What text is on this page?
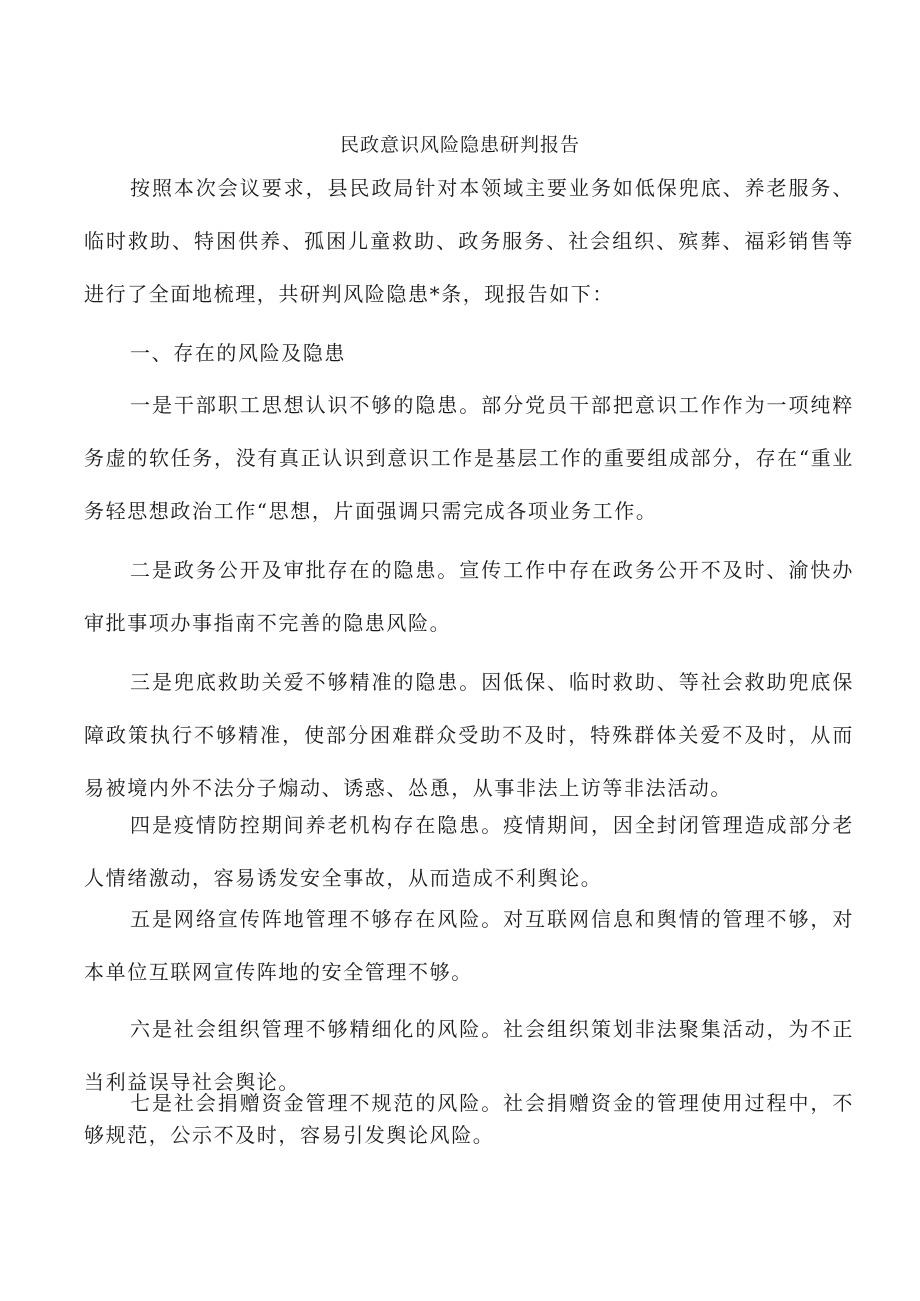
民政意识风险隐患研判报告

按照本次会议要求，县民政局针对本领域主要业务如低保兜底、养老服务、临时救助、特困供养、孤困儿童救助、政务服务、社会组织、殡葬、福彩销售等进行了全面地梳理，共研判风险隐患*条，现报告如下：

一、存在的风险及隐患

一是干部职工思想认识不够的隐患。部分党员干部把意识工作作为一项纯粹务虚的软任务，没有真正认识到意识工作是基层工作的重要组成部分，存在“重业务轻思想政治工作“思想，片面强调只需完成各项业务工作。

二是政务公开及审批存在的隐患。宣传工作中存在政务公开不及时、渝快办审批事项办事指南不完善的隐患风险。

三是兜底救助关爱不够精准的隐患。因低保、临时救助、等社会救助兜底保障政策执行不够精准，使部分困难群众受助不及时，特殊群体关爱不及时，从而易被境内外不法分子煽动、诱惑、怂恿，从事非法上访等非法活动。

四是疫情防控期间养老机构存在隐患。疫情期间，因全封闭管理造成部分老人情绪激动，容易诱发安全事故，从而造成不利舆论。

五是网络宣传阵地管理不够存在风险。对互联网信息和舆情的管理不够，对本单位互联网宣传阵地的安全管理不够。

六是社会组织管理不够精细化的风险。社会组织策划非法聚集活动，为不正当利益误导社会舆论。

七是社会捐赠资金管理不规范的风险。社会捐赠资金的管理使用过程中，不够规范，公示不及时，容易引发舆论风险。
